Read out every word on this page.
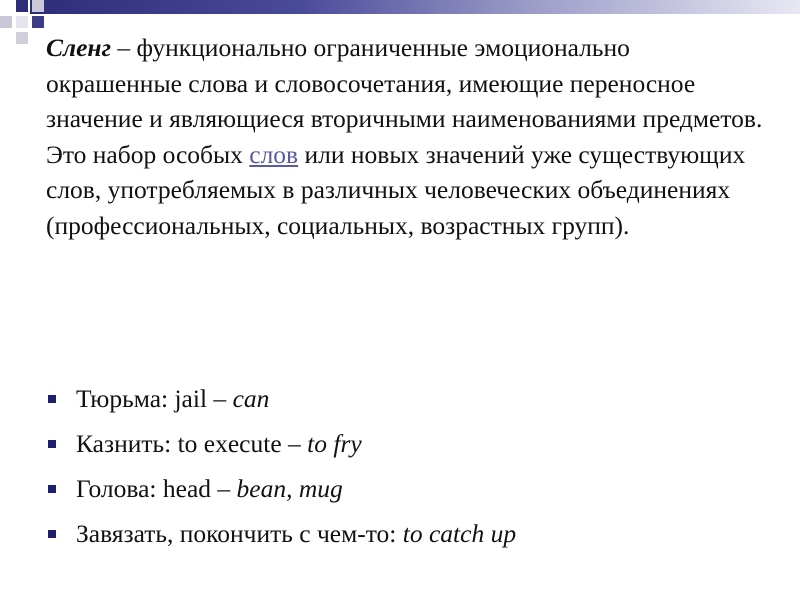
Сленг – функционально ограниченные эмоционально окрашенные слова и словосочетания, имеющие переносное значение и являющиеся вторичными наименованиями предметов.

Это набор особых слов или новых значений уже существующих слов, употребляемых в различных человеческих объединениях (профессиональных, социальных, возрастных групп).

Тюрьма: jail – can
Казнить: to execute – to fry
Голова: head – bean, mug
Завязать, покончить с чем-то: to catch up
